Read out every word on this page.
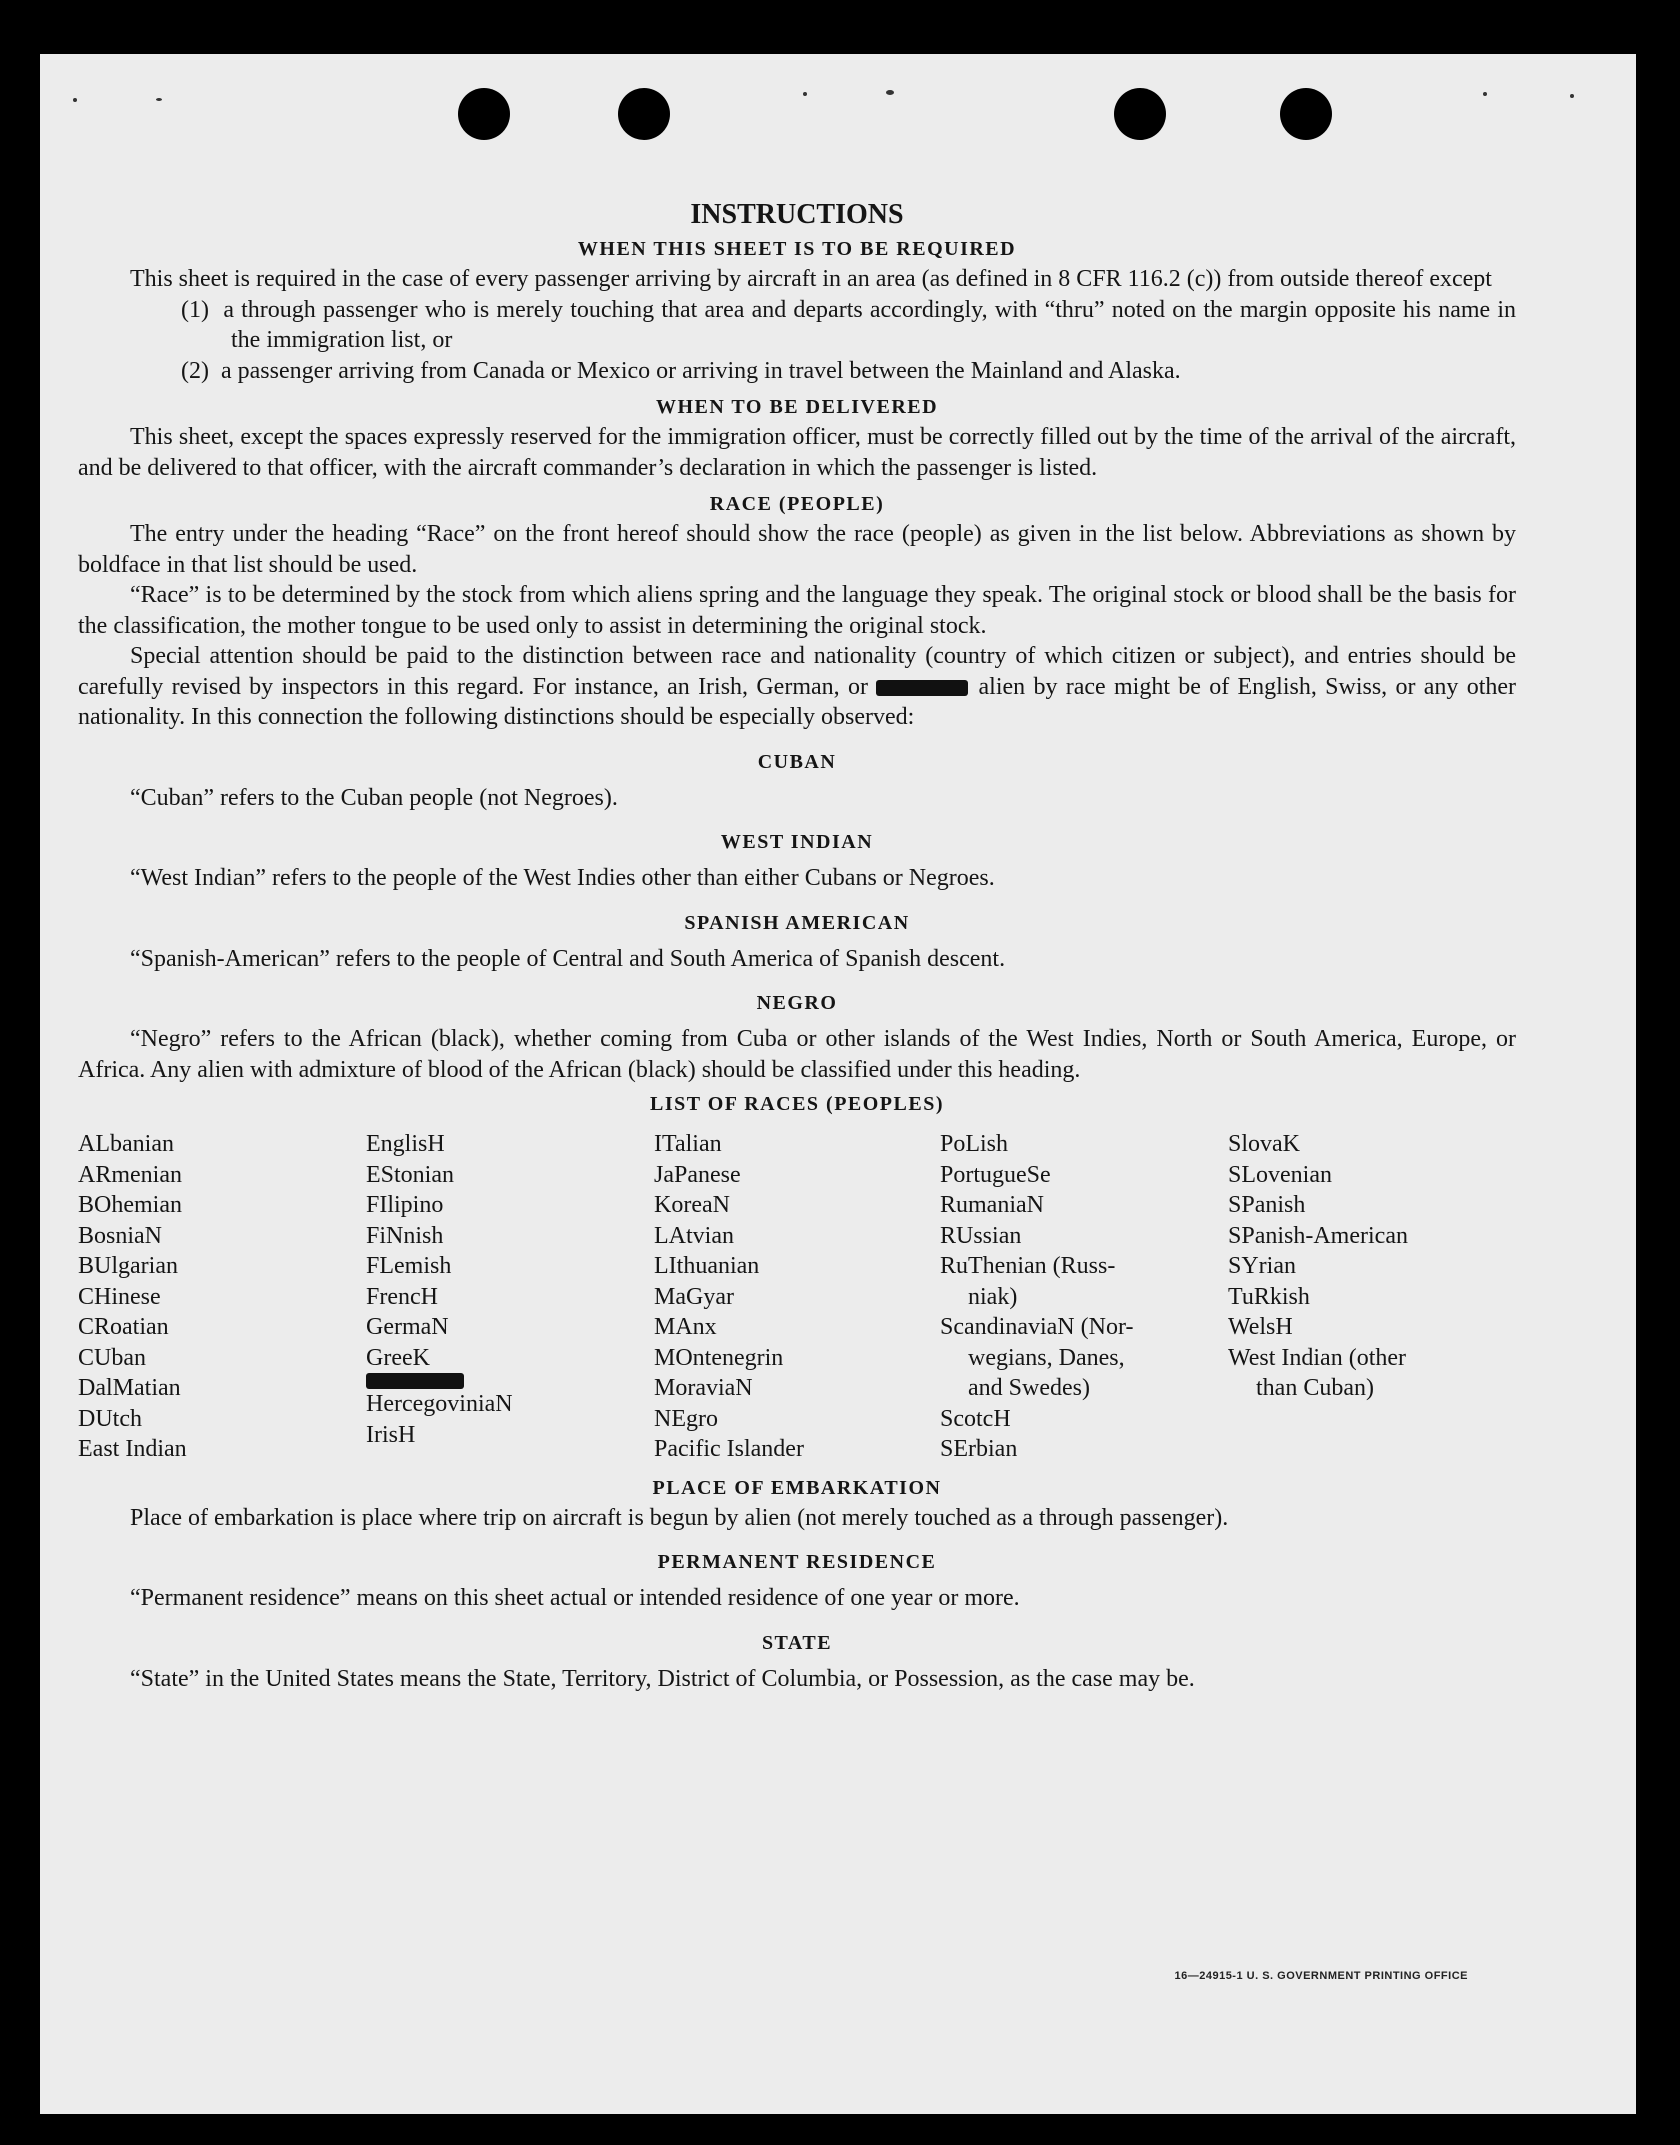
INSTRUCTIONS
WHEN THIS SHEET IS TO BE REQUIRED

This sheet is required in the case of every passenger arriving by aircraft in an area (as defined in 8 CFR 116.2 (c)) from outside thereof except

(1) a through passenger who is merely touching that area and departs accordingly, with “thru” noted on the margin opposite his name in the immigration list, or

(2) a passenger arriving from Canada or Mexico or arriving in travel between the Mainland and Alaska.

WHEN TO BE DELIVERED

This sheet, except the spaces expressly reserved for the immigration officer, must be correctly filled out by the time of the arrival of the aircraft, and be delivered to that officer, with the aircraft commander’s declaration in which the passenger is listed.

RACE (PEOPLE)

The entry under the heading “Race” on the front hereof should show the race (people) as given in the list below. Abbreviations as shown by boldface in that list should be used.

“Race” is to be determined by the stock from which aliens spring and the language they speak. The original stock or blood shall be the basis for the classification, the mother tongue to be used only to assist in determining the original stock.

Special attention should be paid to the distinction between race and nationality (country of which citizen or subject), and entries should be carefully revised by inspectors in this regard. For instance, an Irish, German, or	alien by race might be of English, Swiss, or any other nationality. In this connection the following distinctions should be especially observed:

CUBAN

“Cuban” refers to the Cuban people (not Negroes).

WEST INDIAN

“West Indian” refers to the people of the West Indies other than either Cubans or Negroes.

SPANISH AMERICAN

“Spanish-American” refers to the people of Central and South America of Spanish descent.

NEGRO

“Negro” refers to the African (black), whether coming from Cuba or other islands of the West Indies, North or South America, Europe, or Africa. Any alien with admixture of blood of the African (black) should be classified under this heading.

LIST OF RACES (PEOPLES)
ALbanian
ARmenian
BOhemian
BosniaN
BUlgarian
CHinese
CRoatian
CUban
DalMatian
DUtch
East Indian
EnglisH
EStonian
FIlipino
FiNnish
FLemish
FrencH
GermaN
GreeK
HercegoviniaN
IrisH
ITalian
JaPanese
KoreaN
LAtvian
LIthuanian
MaGyar
MAnx
MOntenegrin
MoraviaN
NEgro
Pacific Islander
PoLish
PortugueSe
RumaniaN
RUssian
RuThenian (Russ-
niak)
ScandinaviaN (Nor-
wegians, Danes,
and Swedes)
ScotcH
SErbian
SlovaK
SLovenian
SPanish
SPanish-American
SYrian
TuRkish
WelsH
West Indian (other
than Cuban)
PLACE OF EMBARKATION

Place of embarkation is place where trip on aircraft is begun by alien (not merely touched as a through passenger).

PERMANENT RESIDENCE

“Permanent residence” means on this sheet actual or intended residence of one year or more.

STATE

“State” in the United States means the State, Territory, District of Columbia, or Possession, as the case may be.

16—24915-1 U. S. GOVERNMENT PRINTING OFFICE
